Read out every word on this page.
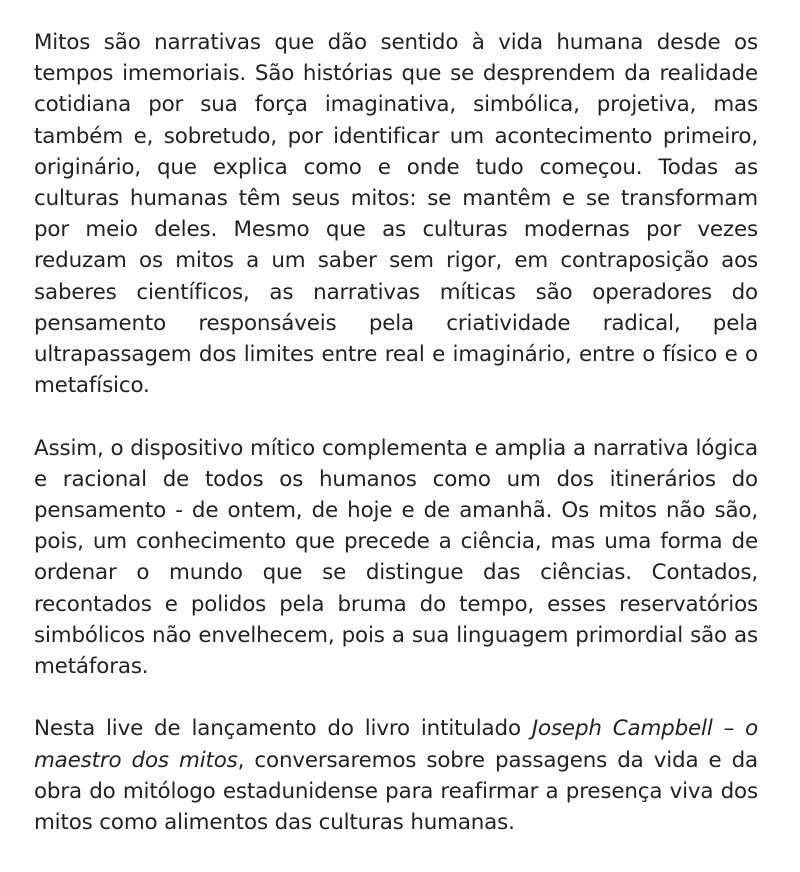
Mitos são narrativas que dão sentido à vida humana desde os tempos imemoriais. São histórias que se desprendem da realidade cotidiana por sua força imaginativa, simbólica, projetiva, mas também e, sobretudo, por identificar um acontecimento primeiro, originário, que explica como e onde tudo começou. Todas as culturas humanas têm seus mitos: se mantêm e se transformam por meio deles. Mesmo que as culturas modernas por vezes reduzam os mitos a um saber sem rigor, em contraposição aos saberes científicos, as narrativas míticas são operadores do pensamento responsáveis pela criatividade radical, pela ultrapassagem dos limites entre real e imaginário, entre o físico e o metafísico.

Assim, o dispositivo mítico complementa e amplia a narrativa lógica e racional de todos os humanos como um dos itinerários do pensamento - de ontem, de hoje e de amanhã. Os mitos não são, pois, um conhecimento que precede a ciência, mas uma forma de ordenar o mundo que se distingue das ciências. Contados, recontados e polidos pela bruma do tempo, esses reservatórios simbólicos não envelhecem, pois a sua linguagem primordial são as metáforas.

Nesta live de lançamento do livro intitulado Joseph Campbell – o maestro dos mitos, conversaremos sobre passagens da vida e da obra do mitólogo estadunidense para reafirmar a presença viva dos mitos como alimentos das culturas humanas.
